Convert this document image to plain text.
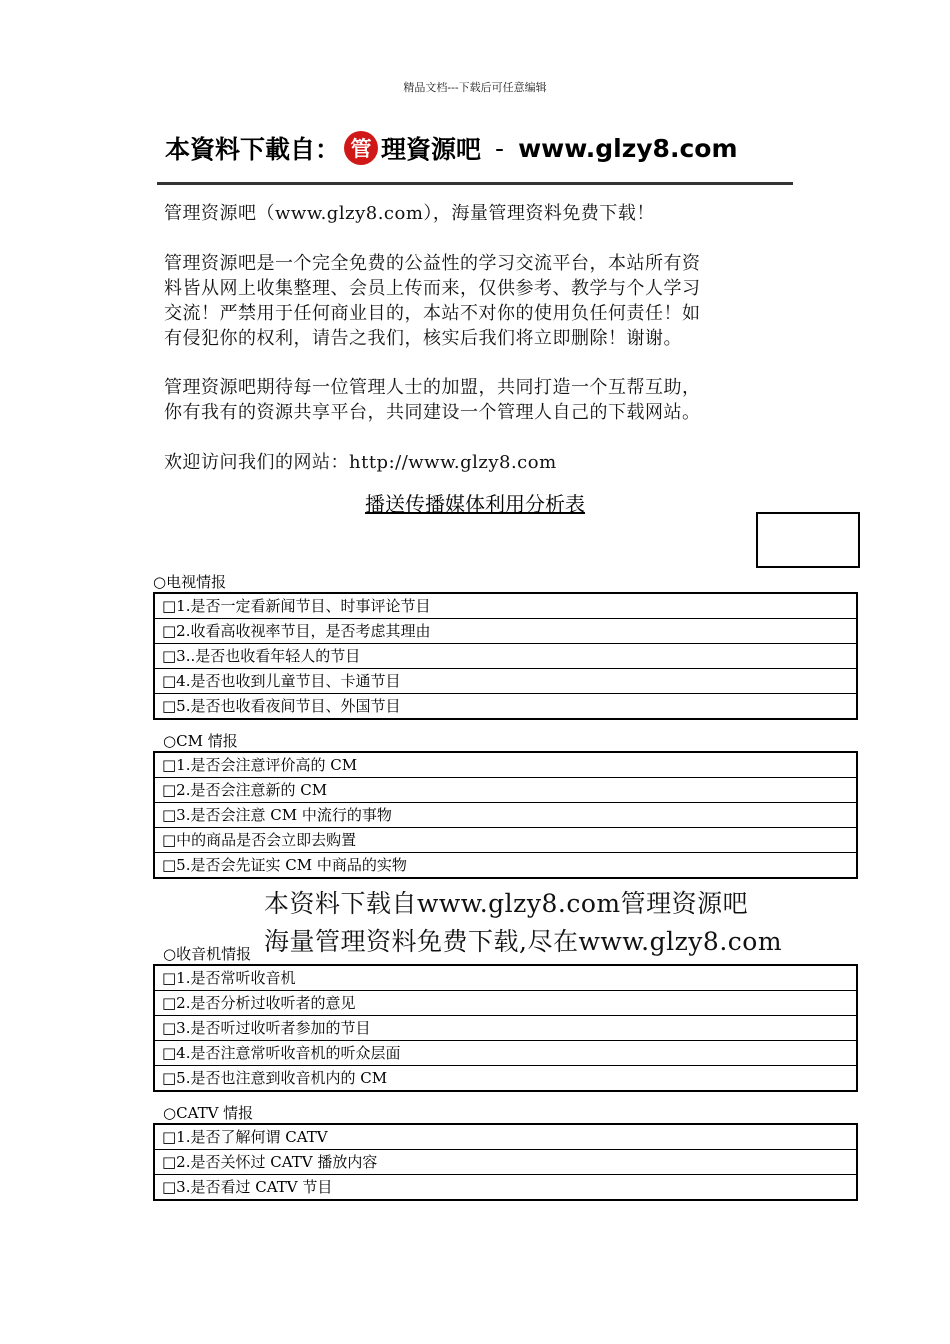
精品文档---下载后可任意编辑
本資料下載自： 管 理資源吧 - www.glzy8.com
管理资源吧（www.glzy8.com），海量管理资料免费下载！
管理资源吧是一个完全免费的公益性的学习交流平台，本站所有资
料皆从网上收集整理、会员上传而来，仅供参考、教学与个人学习
交流！严禁用于任何商业目的，本站不对你的使用负任何责任！如
有侵犯你的权利，请告之我们，核实后我们将立即删除！谢谢。
管理资源吧期待每一位管理人士的加盟，共同打造一个互帮互助，
你有我有的资源共享平台，共同建设一个管理人自己的下载网站。
欢迎访问我们的网站：http://www.glzy8.com
播送传播媒体利用分析表
○电视情报
□1.是否一定看新闻节目、时事评论节目
□2.收看高收视率节目，是否考虑其理由
□3..是否也收看年轻人的节目
□4.是否也收到儿童节目、卡通节目
□5.是否也收看夜间节目、外国节目
○CM 情报
□1.是否会注意评价高的 CM
□2.是否会注意新的 CM
□3.是否会注意 CM 中流行的事物
□中的商品是否会立即去购置
□5.是否会先证实 CM 中商品的实物
○收音机情报
本资料下载自www.glzy8.com管理资源吧
海量管理资料免费下载,尽在www.glzy8.com
□1.是否常听收音机
□2.是否分析过收听者的意见
□3.是否听过收听者参加的节目
□4.是否注意常听收音机的听众层面
□5.是否也注意到收音机内的 CM
○CATV 情报
□1.是否了解何谓 CATV
□2.是否关怀过 CATV 播放内容
□3.是否看过 CATV 节目
